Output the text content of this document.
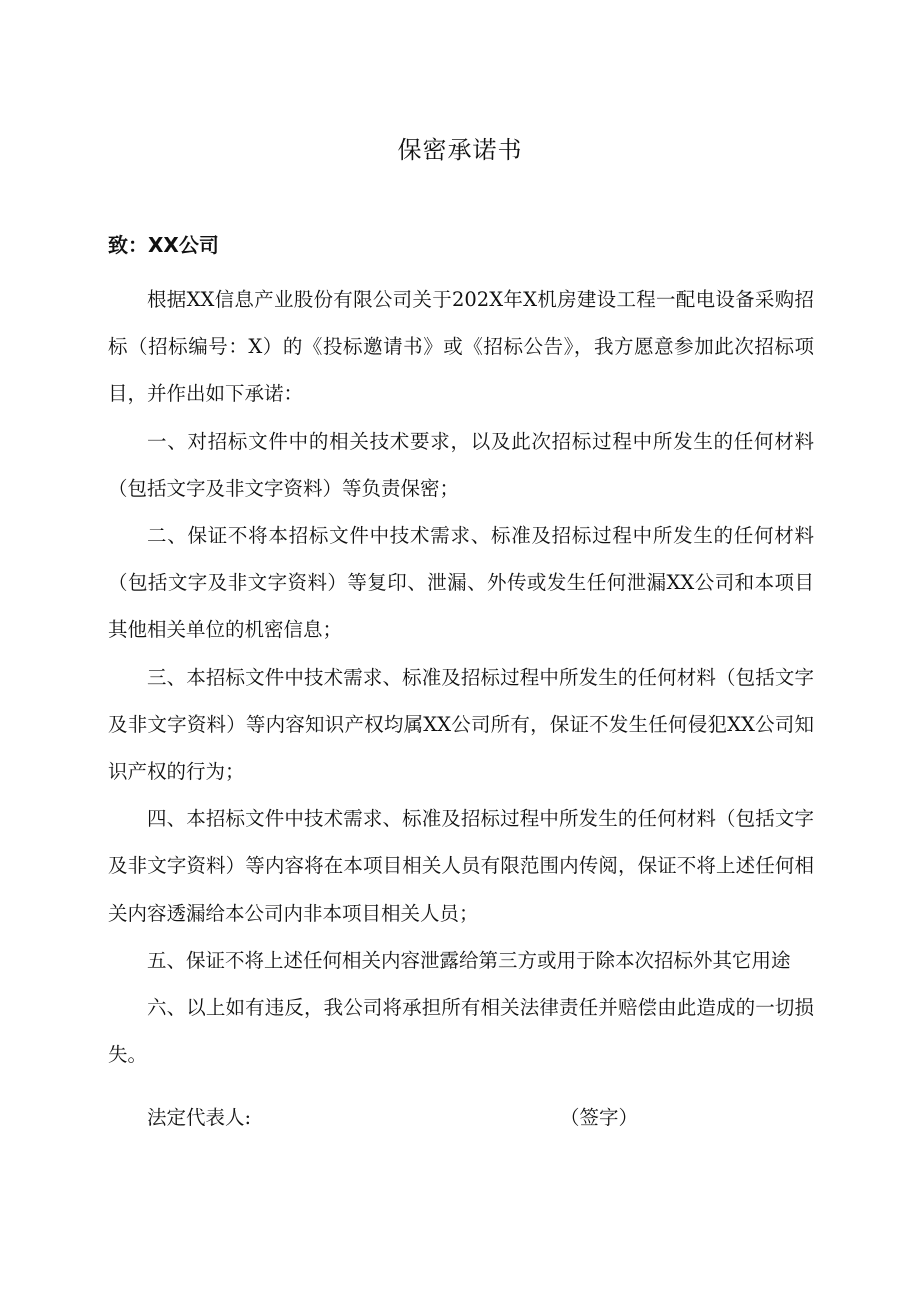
保密承诺书
致：XX公司

根据XX信息产业股份有限公司关于202X年X机房建设工程一配电设备采购招标（招标编号：X）的《投标邀请书》或《招标公告》，我方愿意参加此次招标项目，并作出如下承诺：

一、对招标文件中的相关技术要求，以及此次招标过程中所发生的任何材料（包括文字及非文字资料）等负责保密；

二、保证不将本招标文件中技术需求、标准及招标过程中所发生的任何材料（包括文字及非文字资料）等复印、泄漏、外传或发生任何泄漏XX公司和本项目其他相关单位的机密信息；

三、本招标文件中技术需求、标准及招标过程中所发生的任何材料（包括文字及非文字资料）等内容知识产权均属XX公司所有，保证不发生任何侵犯XX公司知识产权的行为；

四、本招标文件中技术需求、标准及招标过程中所发生的任何材料（包括文字及非文字资料）等内容将在本项目相关人员有限范围内传阅，保证不将上述任何相关内容透漏给本公司内非本项目相关人员；

五、保证不将上述任何相关内容泄露给第三方或用于除本次招标外其它用途

六、以上如有违反，我公司将承担所有相关法律责任并赔偿由此造成的一切损失。

法定代表人:	（签字）
